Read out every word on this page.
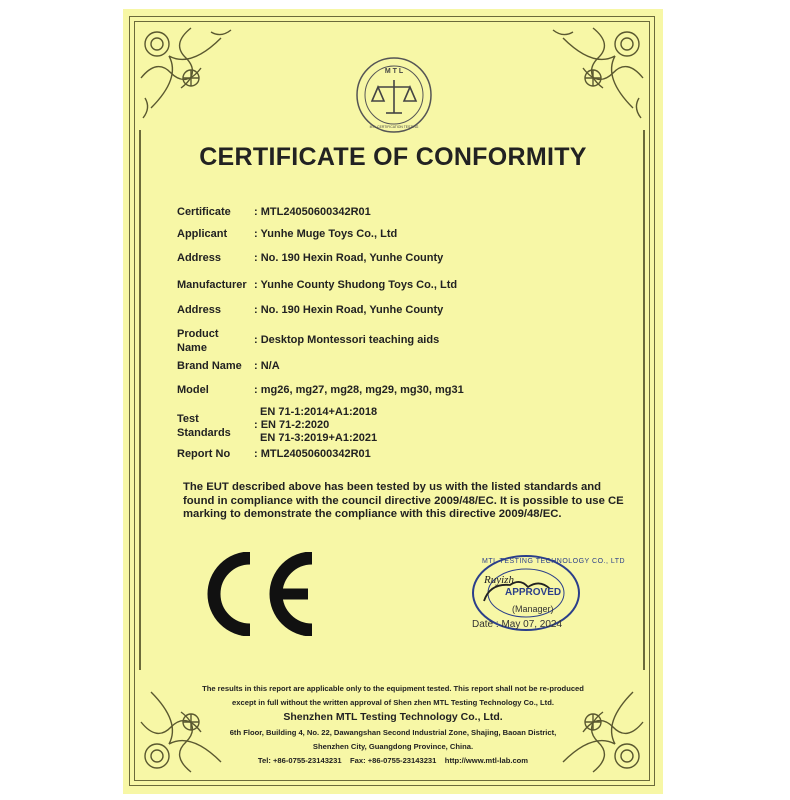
M T L
MTL CERTIFICATION TESTING
CERTIFICATE OF CONFORMITY
Certificate : MTL24050600342R01
Applicant : Yunhe Muge Toys Co., Ltd
Address	: No. 190 Hexin Road, Yunhe County
Manufacturer : Yunhe County Shudong Toys Co., Ltd
Address	: No. 190 Hexin Road, Yunhe County
Product
Name
: Desktop Montessori teaching aids
Brand Name : N/A
Model	: mg26, mg27, mg28, mg29, mg30, mg31
Test
Standards
EN 71-1:2014+A1:2018
: EN 71-2:2020
EN 71-3:2019+A1:2021
Report No : MTL24050600342R01
The EUT described above has been tested by us with the listed standards and found in compliance with the council directive 2009/48/EC. It is possible to use CE marking to demonstrate the compliance with this directive 2009/48/EC.
MTL TESTING TECHNOLOGY CO., LTD
APPROVED
Ruyizh
(Manager)
Date : May 07, 2024
The results in this report are applicable only to the equipment tested. This report shall not be re-produced
except in full without the written approval of Shen zhen MTL Testing Technology Co., Ltd.
Shenzhen MTL Testing Technology Co., Ltd.
6th Floor, Building 4, No. 22, Dawangshan Second Industrial Zone, Shajing, Baoan District,
Shenzhen City, Guangdong Province, China.
Tel: +86-0755-23143231    Fax: +86-0755-23143231    http://www.mtl-lab.com
